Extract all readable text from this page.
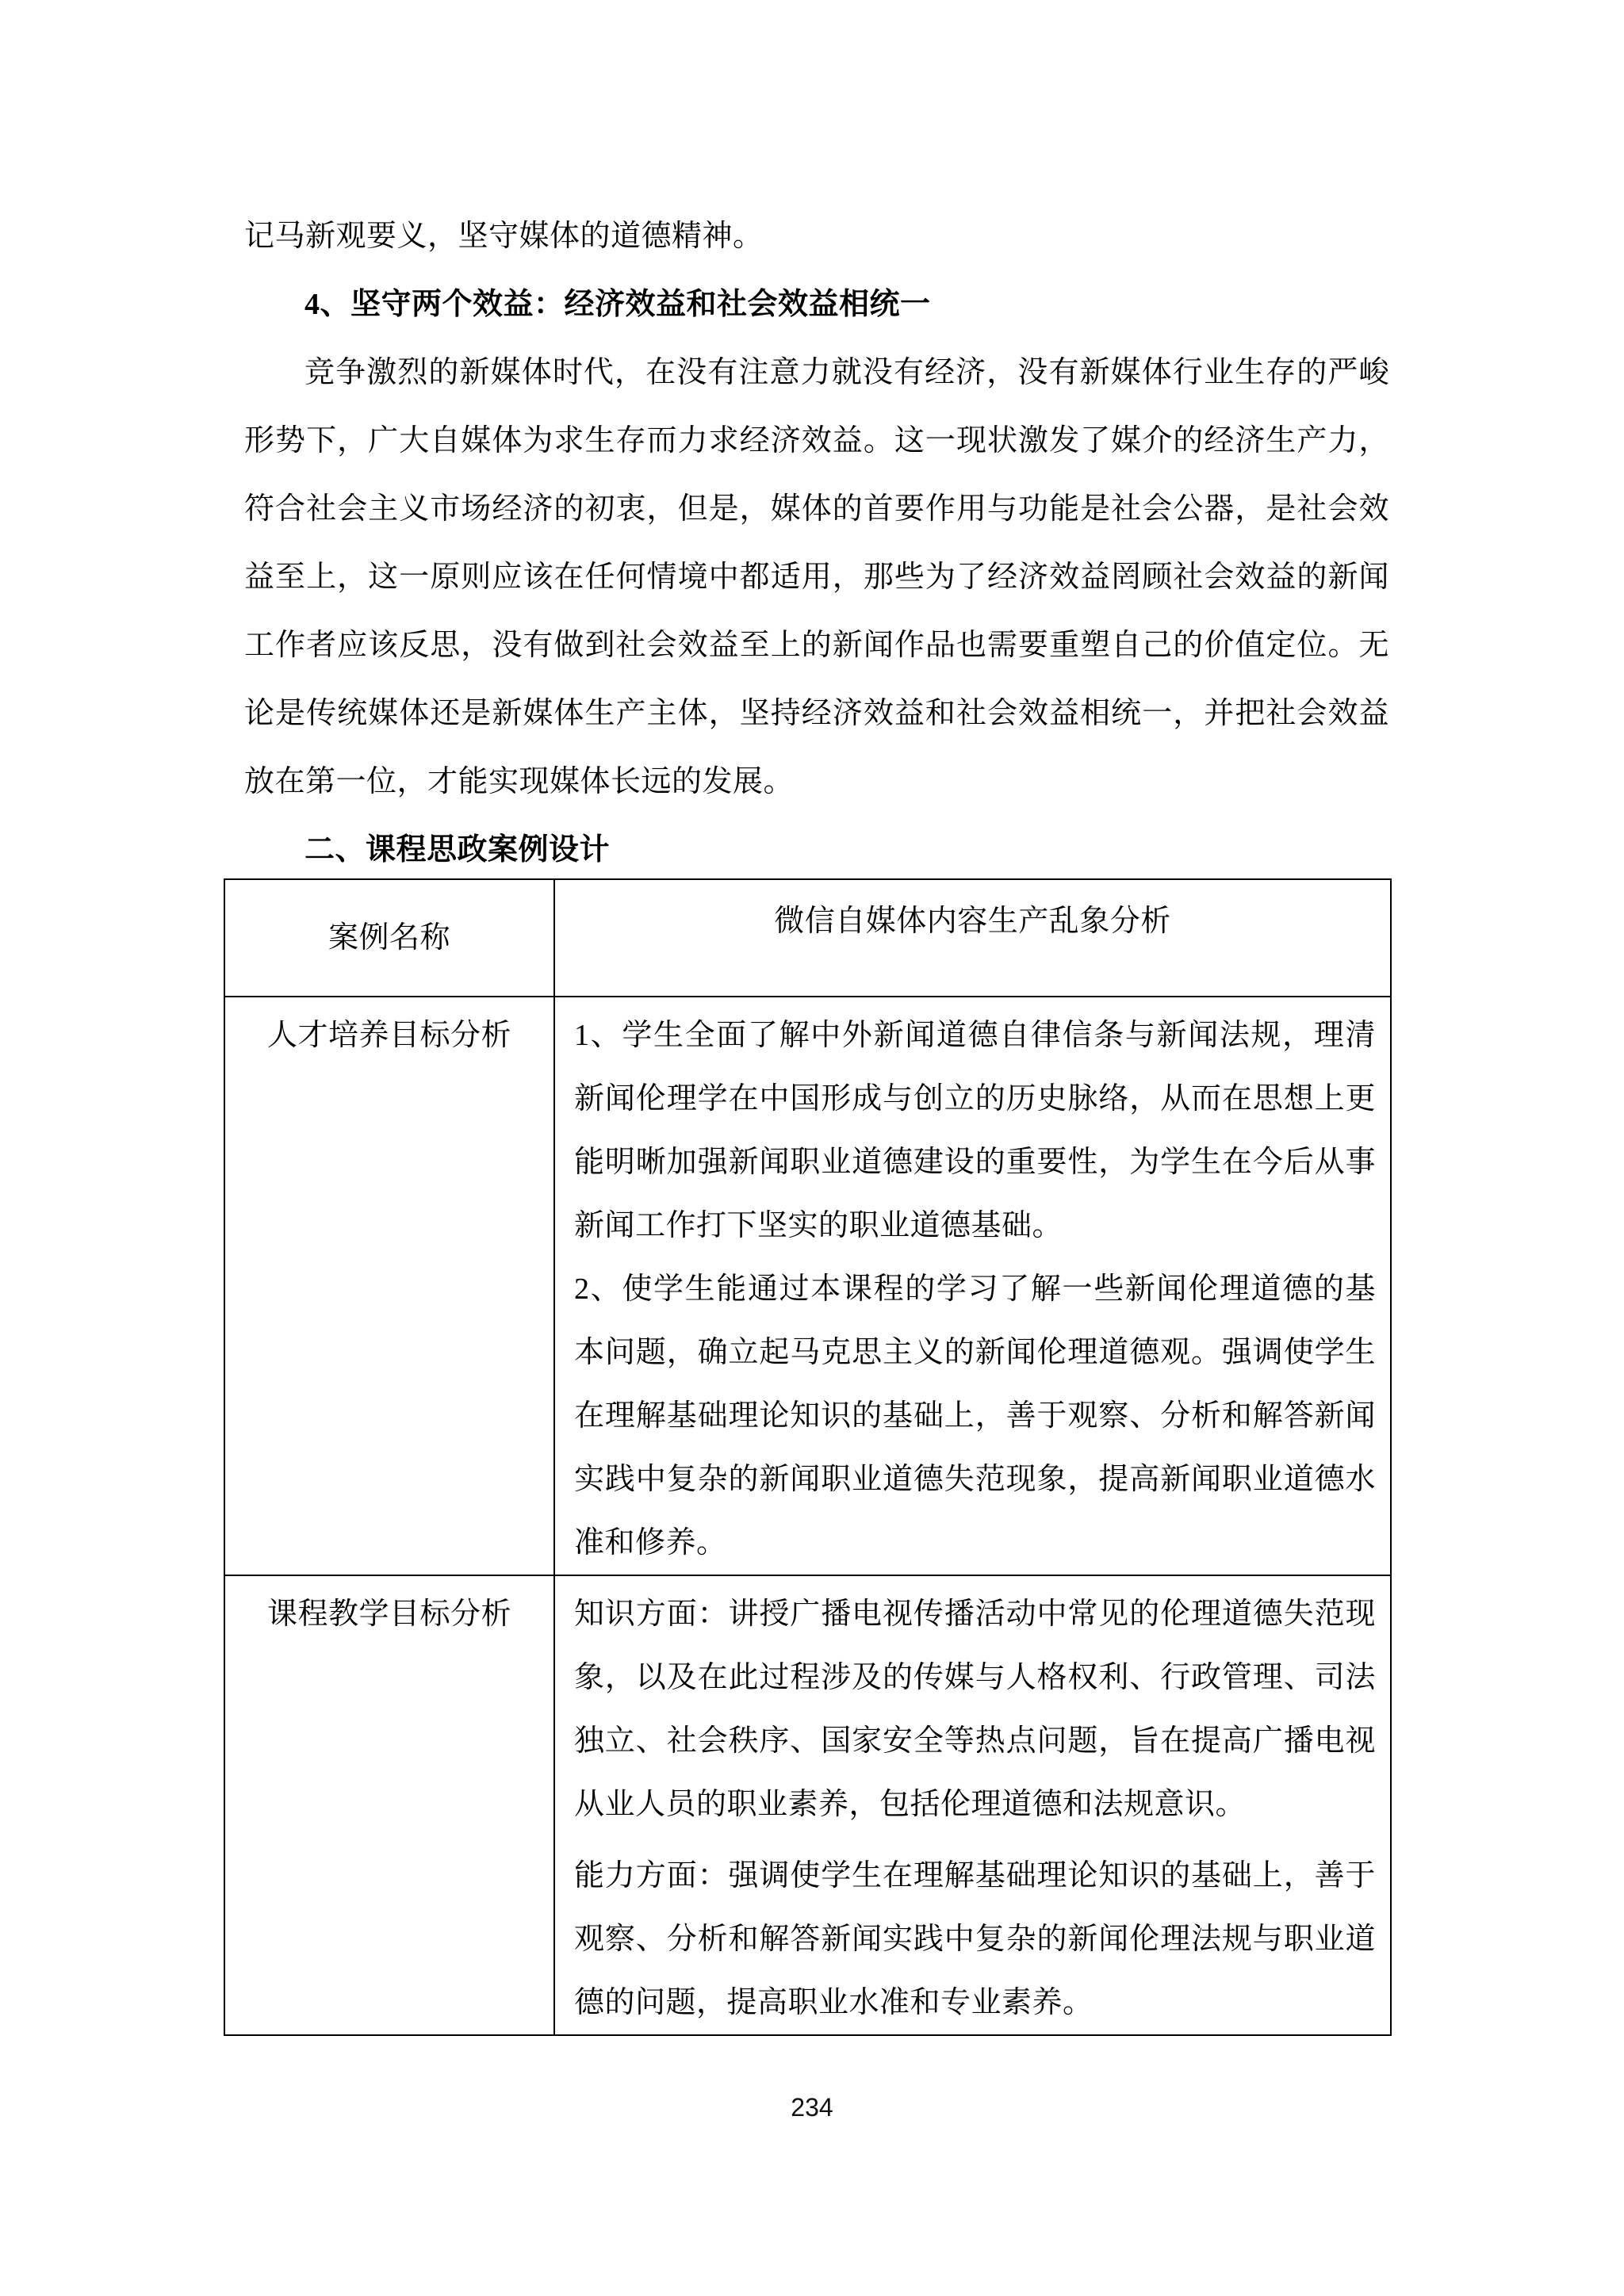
记马新观要义，坚守媒体的道德精神。

4、坚守两个效益：经济效益和社会效益相统一

竞争激烈的新媒体时代，在没有注意力就没有经济，没有新媒体行业生存的严峻形势下，广大自媒体为求生存而力求经济效益。这一现状激发了媒介的经济生产力，符合社会主义市场经济的初衷，但是，媒体的首要作用与功能是社会公器，是社会效益至上，这一原则应该在任何情境中都适用，那些为了经济效益罔顾社会效益的新闻工作者应该反思，没有做到社会效益至上的新闻作品也需要重塑自己的价值定位。无论是传统媒体还是新媒体生产主体，坚持经济效益和社会效益相统一，并把社会效益放在第一位，才能实现媒体长远的发展。

二、课程思政案例设计

案例名称	微信自媒体内容生产乱象分析
人才培养目标分析	1、学生全面了解中外新闻道德自律信条与新闻法规，理清新闻伦理学在中国形成与创立的历史脉络，从而在思想上更能明晰加强新闻职业道德建设的重要性，为学生在今后从事新闻工作打下坚实的职业道德基础。

2、使学生能通过本课程的学习了解一些新闻伦理道德的基本问题，确立起马克思主义的新闻伦理道德观。强调使学生在理解基础理论知识的基础上，善于观察、分析和解答新闻实践中复杂的新闻职业道德失范现象，提高新闻职业道德水准和修养。

课程教学目标分析	知识方面：讲授广播电视传播活动中常见的伦理道德失范现象，以及在此过程涉及的传媒与人格权利、行政管理、司法独立、社会秩序、国家安全等热点问题，旨在提高广播电视从业人员的职业素养，包括伦理道德和法规意识。

能力方面：强调使学生在理解基础理论知识的基础上，善于观察、分析和解答新闻实践中复杂的新闻伦理法规与职业道德的问题，提高职业水准和专业素养。

234
